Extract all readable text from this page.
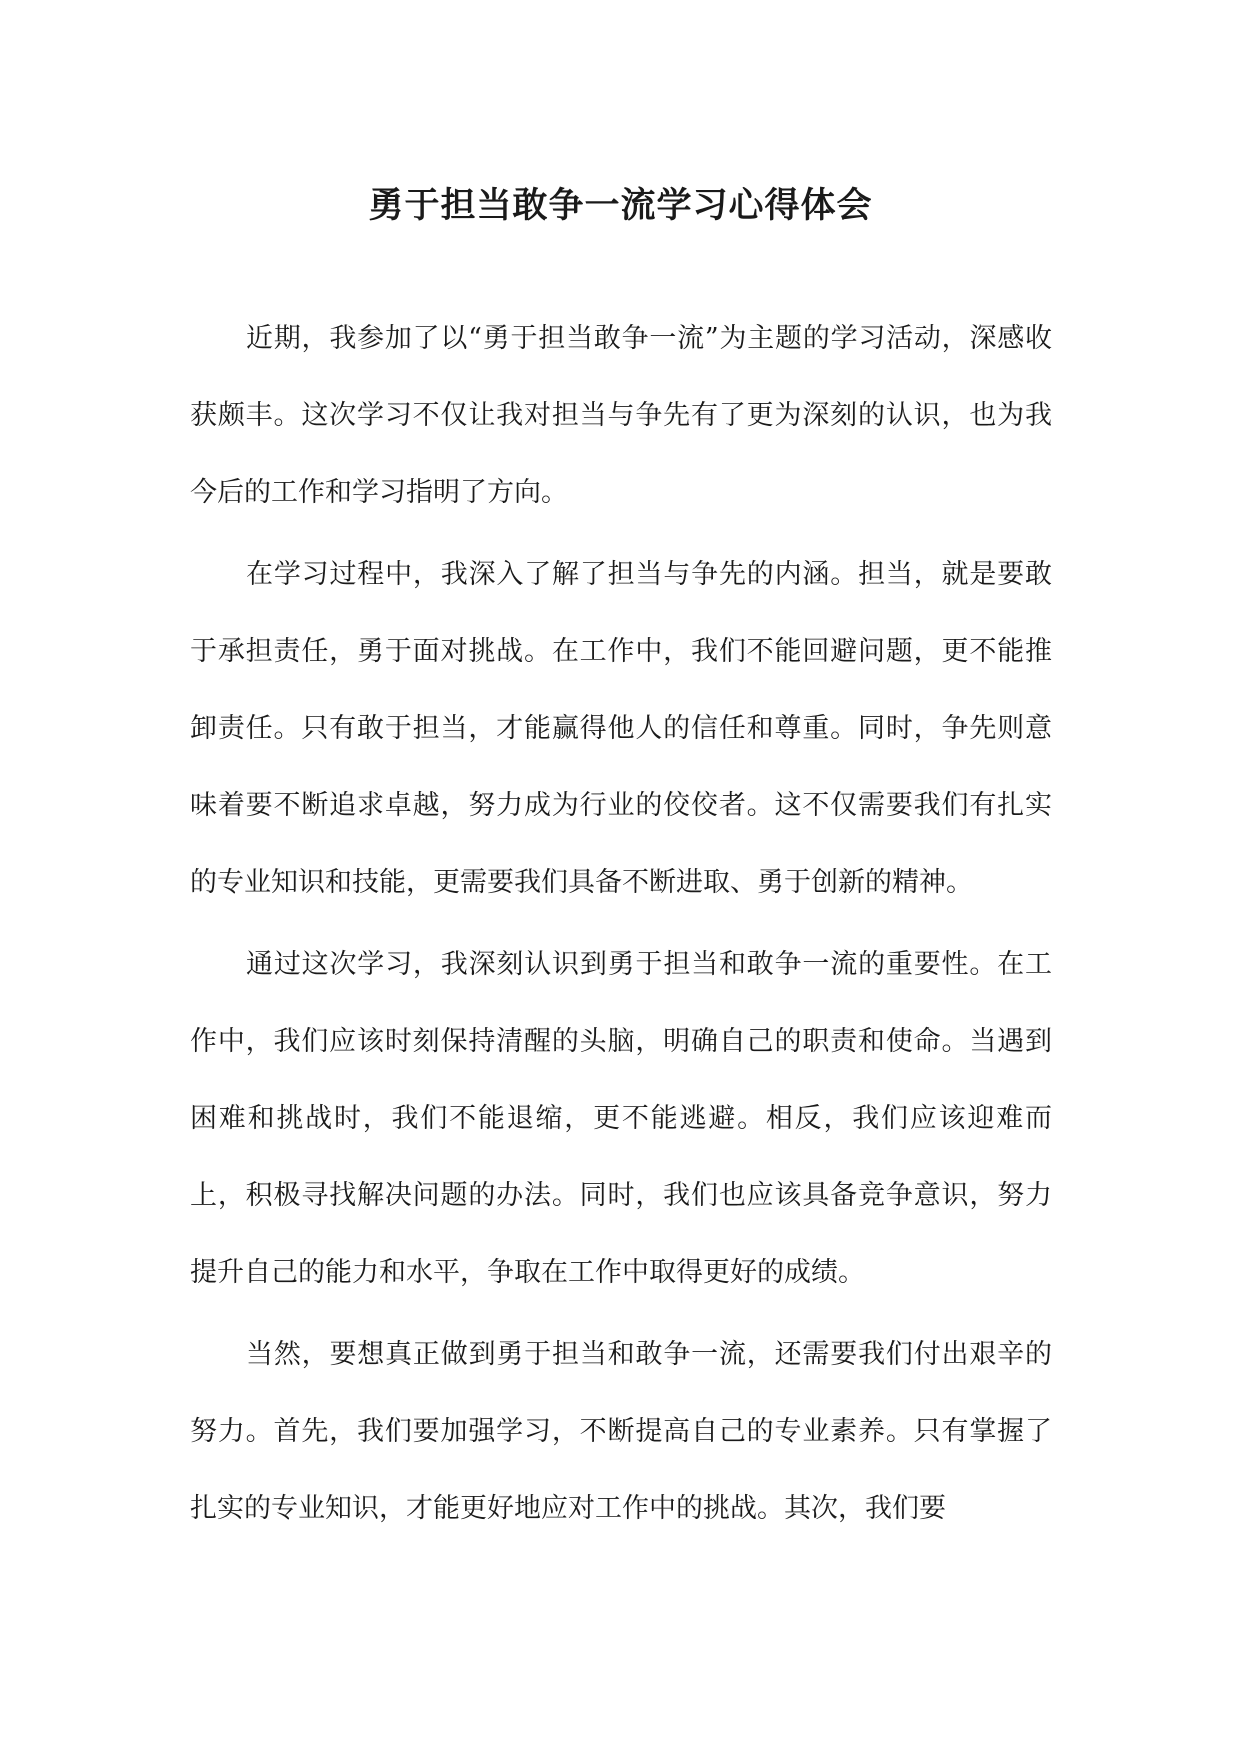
勇于担当敢争一流学习心得体会

近期，我参加了以“勇于担当敢争一流”为主题的学习活动，深感收获颇丰。这次学习不仅让我对担当与争先有了更为深刻的认识，也为我今后的工作和学习指明了方向。

在学习过程中，我深入了解了担当与争先的内涵。担当，就是要敢于承担责任，勇于面对挑战。在工作中，我们不能回避问题，更不能推卸责任。只有敢于担当，才能赢得他人的信任和尊重。同时，争先则意味着要不断追求卓越，努力成为行业的佼佼者。这不仅需要我们有扎实的专业知识和技能，更需要我们具备不断进取、勇于创新的精神。

通过这次学习，我深刻认识到勇于担当和敢争一流的重要性。在工作中，我们应该时刻保持清醒的头脑，明确自己的职责和使命。当遇到困难和挑战时，我们不能退缩，更不能逃避。相反，我们应该迎难而上，积极寻找解决问题的办法。同时，我们也应该具备竞争意识，努力提升自己的能力和水平，争取在工作中取得更好的成绩。

当然，要想真正做到勇于担当和敢争一流，还需要我们付出艰辛的努力。首先，我们要加强学习，不断提高自己的专业素养。只有掌握了扎实的专业知识，才能更好地应对工作中的挑战。其次，我们要
